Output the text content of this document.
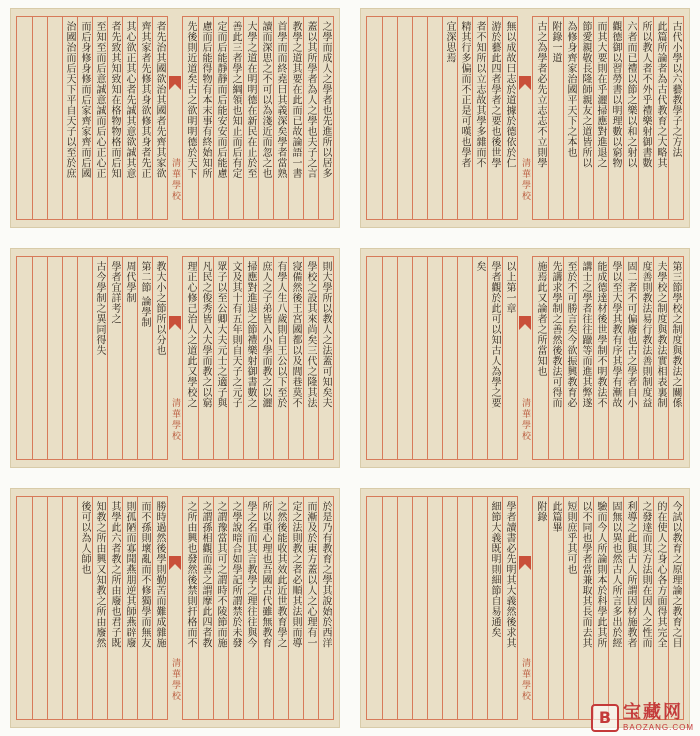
之學而成人之學者也先進所以居多
蓋以其所學者為人之學也夫子之言
教學之道其要在此而已故論語一書
首學而而終堯曰其義深矣學者當熟
讀而深思之不可以為淺近而忽之也
大學之道在明明德在新民在止於至
善此三者學之綱領也知止而后有定
定而后能靜靜而后能安安而后能慮
慮而后能得物有本末事有終始知所
先後則近道矣古之欲明明德於天下
者先治其國欲治其國者先齊其家欲
齊其家者先修其身欲修其身者先正
其心欲正其心者先誠其意欲誠其意
者先致其知致知在格物物格而后知
至知至而后意誠意誠而后心正心正
而后身修身修而后家齊家齊而后國
治國治而后天下平自天子以至於庶
清華學校
古代小學以六藝教學子之方法
此篇所論者為古代教育之大略其
所以教人者不外乎禮樂射御書數
六者而已禮以節之樂以和之射以
觀德御以習勞書以明理數以窮物
而其大要則在乎灑掃應對進退之
節愛親敬長隆師親友之道皆所以
為修身齊家治國平天下之本也
附錄一道
古之為學者必先立志志不立則學
無以成故曰志於道據於德依於仁
游於藝此四者學者之要也後世學
者不知所以立志故其學多雜而不
精其行多偏而不正是可嘆也學者
宜深思焉
清華學校
則大學所以教人之法蓋可知矣夫
學校之設其來尚矣三代之隆其法
寖備然後王宮國都以及閭巷莫不
有學人生八歲則自王公以下至於
庶人之子弟皆入小學而教之以灑
掃應對進退之節禮樂射御書數之
文及其十有五年則自天子之元子
眾子以至公卿大夫元士之適子與
凡民之俊秀皆入大學而教之以窮
理正心修己治人之道此又學校之
教大小之節所以分也
第二節 論學制
周代學制
學者宜詳考之
古今學制之異同得失
清華學校
第三節學校之制度與教法之關係
夫學校之制度與教法實相表裏制
度善則教法易行教法善則制度益
固二者不可偏廢也古之學者自小
學以至大學其教有序其學有漸故
能成德達材後世學制不明教法不
講士之學者往往躐等而進其弊遂
至於不可勝言矣今欲振興教育必
先講求學制之善然後教法可得而
施焉此又論者之所當知也
以上第一章
學者觀於此可以知古人為學之要
矣
清華學校
於是乃有教育之學其說始於西洋
而漸及於東方蓋以人之心理有一
定之法則教之者必順其法則而導
之然後能收其效此近世教育學之
所以重心理也吾國古代雖無教育
學之名而其言教學之理往往與今
之學說暗合如學記所謂禁於未發
之謂豫當其可之謂時不陵節而施
之謂孫相觀而善之謂摩此四者教
之所由興也發然後禁則扞格而不
勝時過然後學則勤苦而難成雜施
而不孫則壞亂而不修獨學而無友
則孤陋而寡聞燕朋逆其師燕辟廢
其學此六者教之所由廢也君子既
知教之所由興又知教之所由廢然
後可以為人師也
清華學校
今試以教育之原理論之教育之目
的在使人之身心各方面得其完全
之發達而其方法則在因人之性而
利導之此與古人所謂因材施教者
固無以異也然古人所言多出於經
驗而今人所論則本於科學此其所
以不同也學者當兼取其長而去其
短則庶乎其可也
此篇畢
附錄
學者讀書必先明其大義然後求其
細節大義既明則細節自易通矣
清華學校
B 宝藏网
BAOZANG.COM
